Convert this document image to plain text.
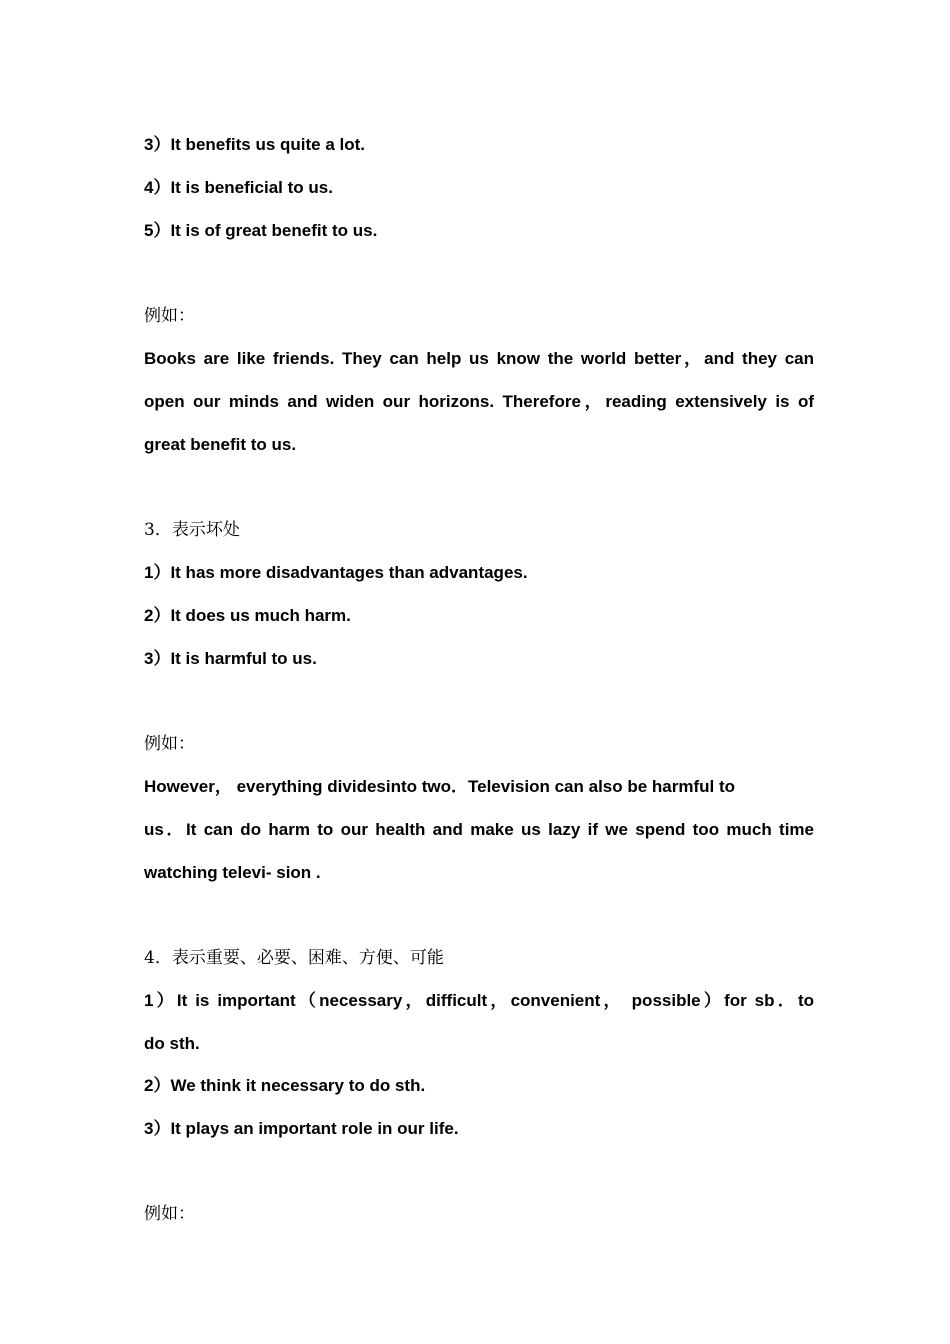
3）It benefits us quite a lot.
4）It is beneficial to us.
5）It is of great benefit to us.
例如：
Books are like friends. They can help us know the world better，and they can
open our minds and widen our horizons. Therefore，reading extensively is of
great benefit to us.
3．表示坏处
1）It has more disadvantages than advantages.
2）It does us much harm.
3）It is harmful to us.
例如：
However， everything dividesinto two．Television can also be harmful to
us．It can do harm to our health and make us lazy if we spend too much time
watching televi- sion .
4．表示重要、必要、困难、方便、可能
1）It is important（necessary，difficult，convenient， possible）for sb．to
do sth.
2）We think it necessary to do sth.
3）It plays an important role in our life.
例如：
